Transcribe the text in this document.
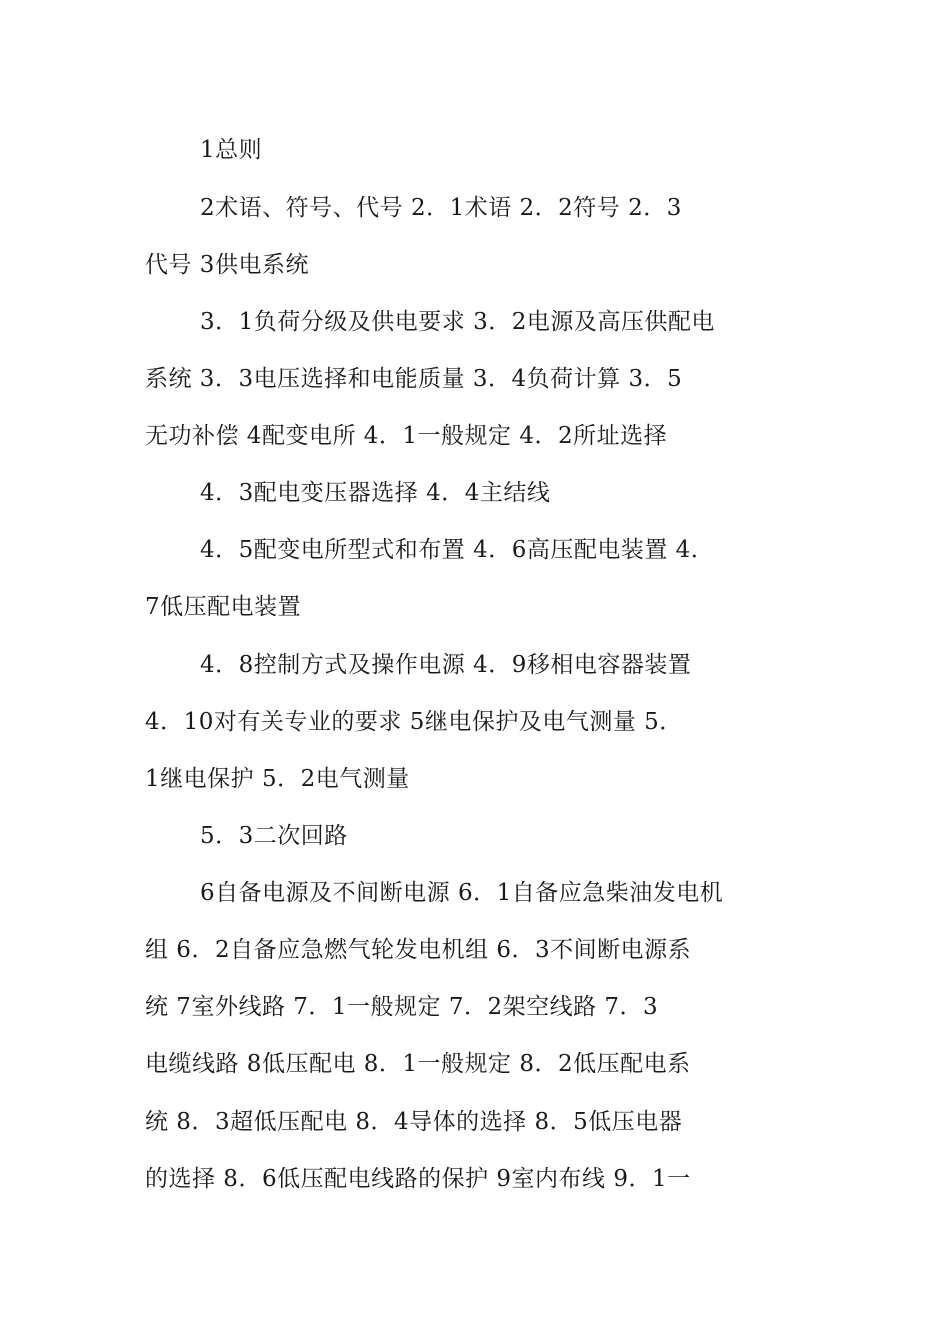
1总则
2术语、符号、代号 2．1术语 2．2符号 2．3
代号 3供电系统
3．1负荷分级及供电要求 3．2电源及高压供配电
系统 3．3电压选择和电能质量 3．4负荷计算 3．5
无功补偿 4配变电所 4．1一般规定 4．2所址选择
4．3配电变压器选择 4．4主结线
4．5配变电所型式和布置 4．6高压配电装置 4．
7低压配电装置
4．8控制方式及操作电源 4．9移相电容器装置
4．10对有关专业的要求 5继电保护及电气测量 5．
1继电保护 5．2电气测量
5．3二次回路
6自备电源及不间断电源 6．1自备应急柴油发电机
组 6．2自备应急燃气轮发电机组 6．3不间断电源系
统 7室外线路 7．1一般规定 7．2架空线路 7．3
电缆线路 8低压配电 8．1一般规定 8．2低压配电系
统 8．3超低压配电 8．4导体的选择 8．5低压电器
的选择 8．6低压配电线路的保护 9室内布线 9．1一
